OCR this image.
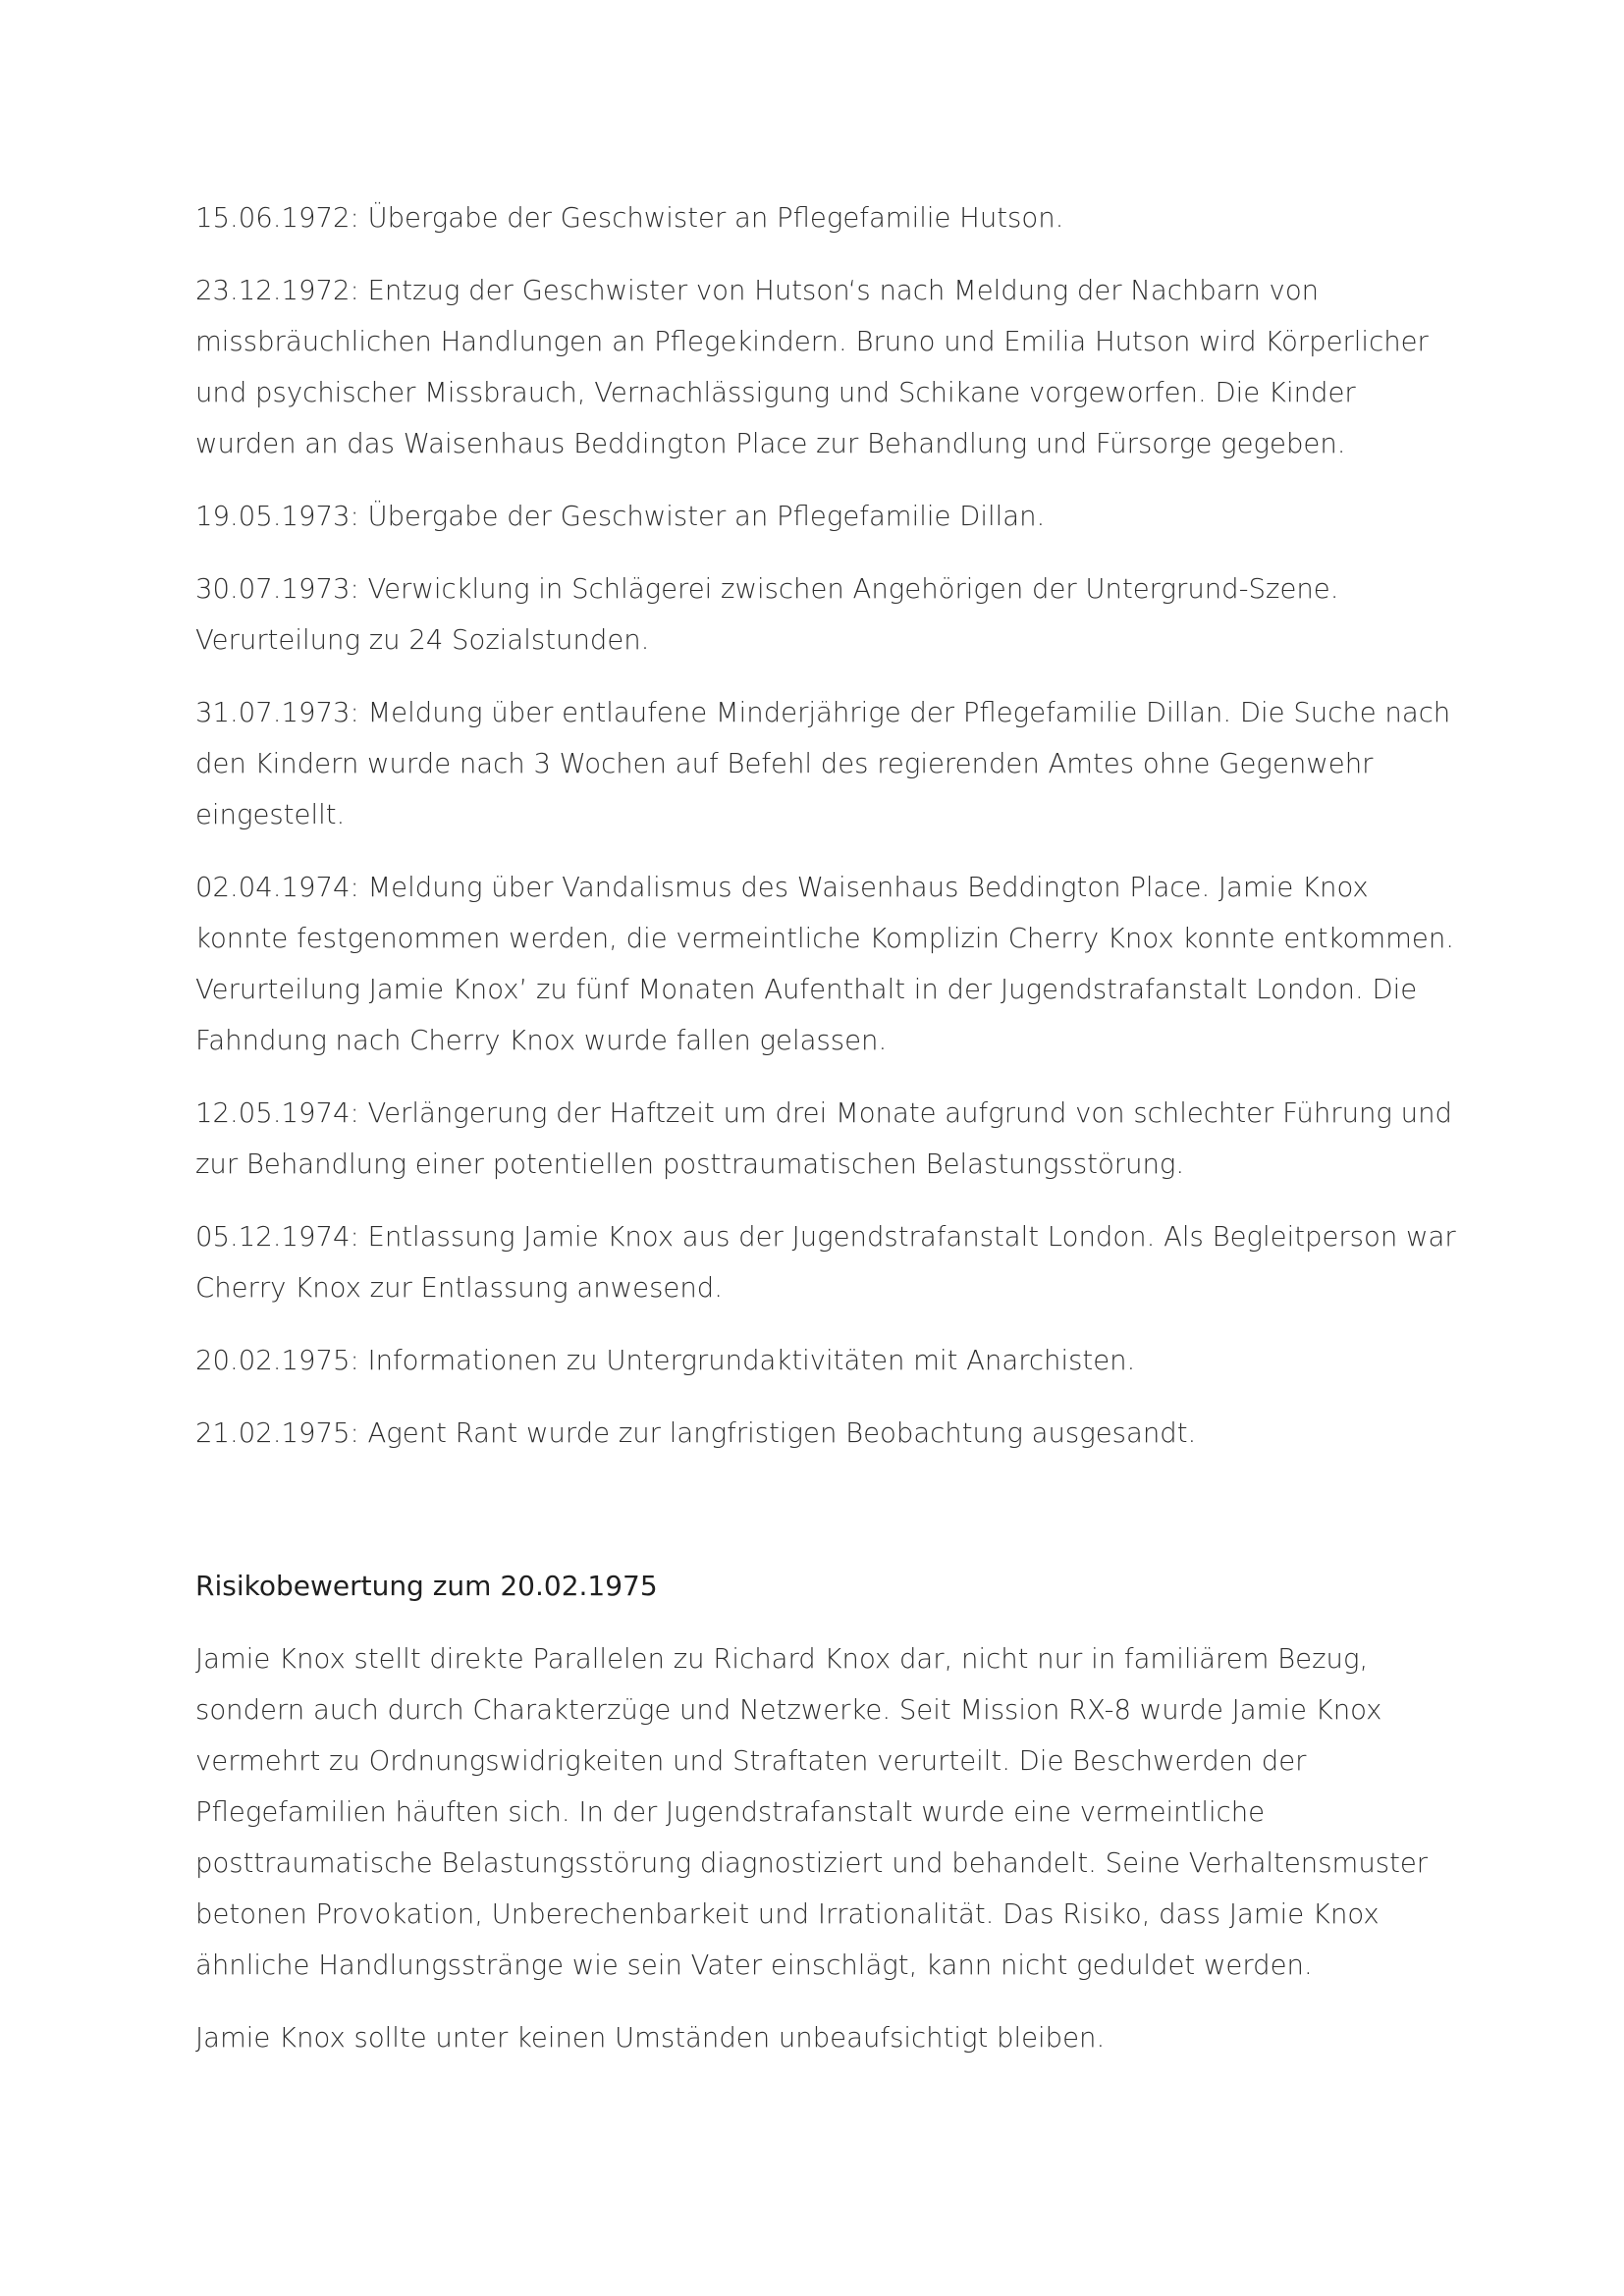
15.06.1972: Übergabe der Geschwister an Pflegefamilie Hutson.

23.12.1972: Entzug der Geschwister von Hutson‘s nach Meldung der Nachbarn von missbräuchlichen Handlungen an Pflegekindern. Bruno und Emilia Hutson wird Körperlicher und psychischer Missbrauch, Vernachlässigung und Schikane vorgeworfen. Die Kinder wurden an das Waisenhaus Beddington Place zur Behandlung und Fürsorge gegeben.

19.05.1973: Übergabe der Geschwister an Pflegefamilie Dillan.

30.07.1973: Verwicklung in Schlägerei zwischen Angehörigen der Untergrund-Szene. Verurteilung zu 24 Sozialstunden.

31.07.1973: Meldung über entlaufene Minderjährige der Pflegefamilie Dillan. Die Suche nach den Kindern wurde nach 3 Wochen auf Befehl des regierenden Amtes ohne Gegenwehr eingestellt.

02.04.1974: Meldung über Vandalismus des Waisenhaus Beddington Place. Jamie Knox konnte festgenommen werden, die vermeintliche Komplizin Cherry Knox konnte entkommen. Verurteilung Jamie Knox’ zu fünf Monaten Aufenthalt in der Jugendstrafanstalt London. Die Fahndung nach Cherry Knox wurde fallen gelassen.

12.05.1974: Verlängerung der Haftzeit um drei Monate aufgrund von schlechter Führung und zur Behandlung einer potentiellen posttraumatischen Belastungsstörung.

05.12.1974: Entlassung Jamie Knox aus der Jugendstrafanstalt London. Als Begleitperson war Cherry Knox zur Entlassung anwesend.

20.02.1975: Informationen zu Untergrundaktivitäten mit Anarchisten.

21.02.1975: Agent Rant wurde zur langfristigen Beobachtung ausgesandt.

Risikobewertung zum 20.02.1975

Jamie Knox stellt direkte Parallelen zu Richard Knox dar, nicht nur in familiärem Bezug, sondern auch durch Charakterzüge und Netzwerke. Seit Mission RX-8 wurde Jamie Knox vermehrt zu Ordnungswidrigkeiten und Straftaten verurteilt. Die Beschwerden der Pflegefamilien häuften sich. In der Jugendstrafanstalt wurde eine vermeintliche posttraumatische Belastungsstörung diagnostiziert und behandelt. Seine Verhaltensmuster betonen Provokation, Unberechenbarkeit und Irrationalität. Das Risiko, dass Jamie Knox ähnliche Handlungsstränge wie sein Vater einschlägt, kann nicht geduldet werden.

Jamie Knox sollte unter keinen Umständen unbeaufsichtigt bleiben.
